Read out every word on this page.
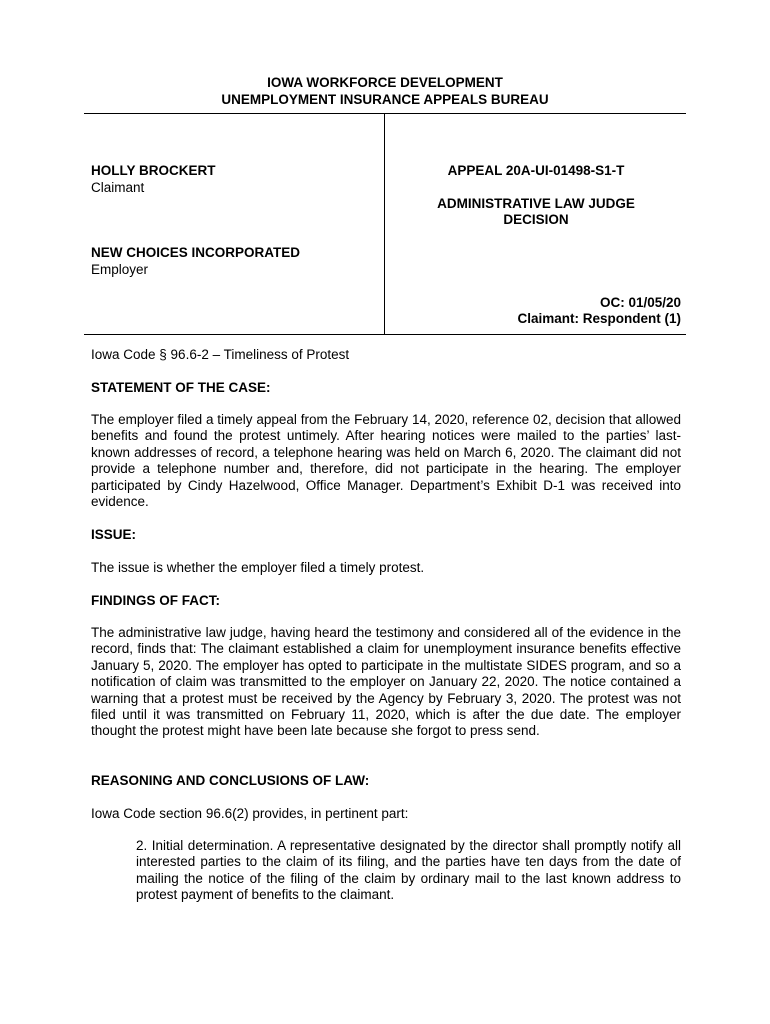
IOWA WORKFORCE DEVELOPMENT
UNEMPLOYMENT INSURANCE APPEALS BUREAU
HOLLY BROCKERT
Claimant
NEW CHOICES INCORPORATED
Employer
APPEAL 20A-UI-01498-S1-T
ADMINISTRATIVE LAW JUDGE
DECISION
OC: 01/05/20
Claimant: Respondent (1)
Iowa Code § 96.6-2 – Timeliness of Protest
STATEMENT OF THE CASE:
The employer filed a timely appeal from the February 14, 2020, reference 02, decision that allowed benefits and found the protest untimely. After hearing notices were mailed to the parties’ last-known addresses of record, a telephone hearing was held on March 6, 2020. The claimant did not provide a telephone number and, therefore, did not participate in the hearing. The employer participated by Cindy Hazelwood, Office Manager. Department’s Exhibit D-1 was received into evidence.
ISSUE:
The issue is whether the employer filed a timely protest.
FINDINGS OF FACT:
The administrative law judge, having heard the testimony and considered all of the evidence in the record, finds that: The claimant established a claim for unemployment insurance benefits effective January 5, 2020. The employer has opted to participate in the multistate SIDES program, and so a notification of claim was transmitted to the employer on January 22, 2020. The notice contained a warning that a protest must be received by the Agency by February 3, 2020. The protest was not filed until it was transmitted on February 11, 2020, which is after the due date. The employer thought the protest might have been late because she forgot to press send.
REASONING AND CONCLUSIONS OF LAW:
Iowa Code section 96.6(2) provides, in pertinent part:
2. Initial determination. A representative designated by the director shall promptly notify all interested parties to the claim of its filing, and the parties have ten days from the date of mailing the notice of the filing of the claim by ordinary mail to the last known address to protest payment of benefits to the claimant.
